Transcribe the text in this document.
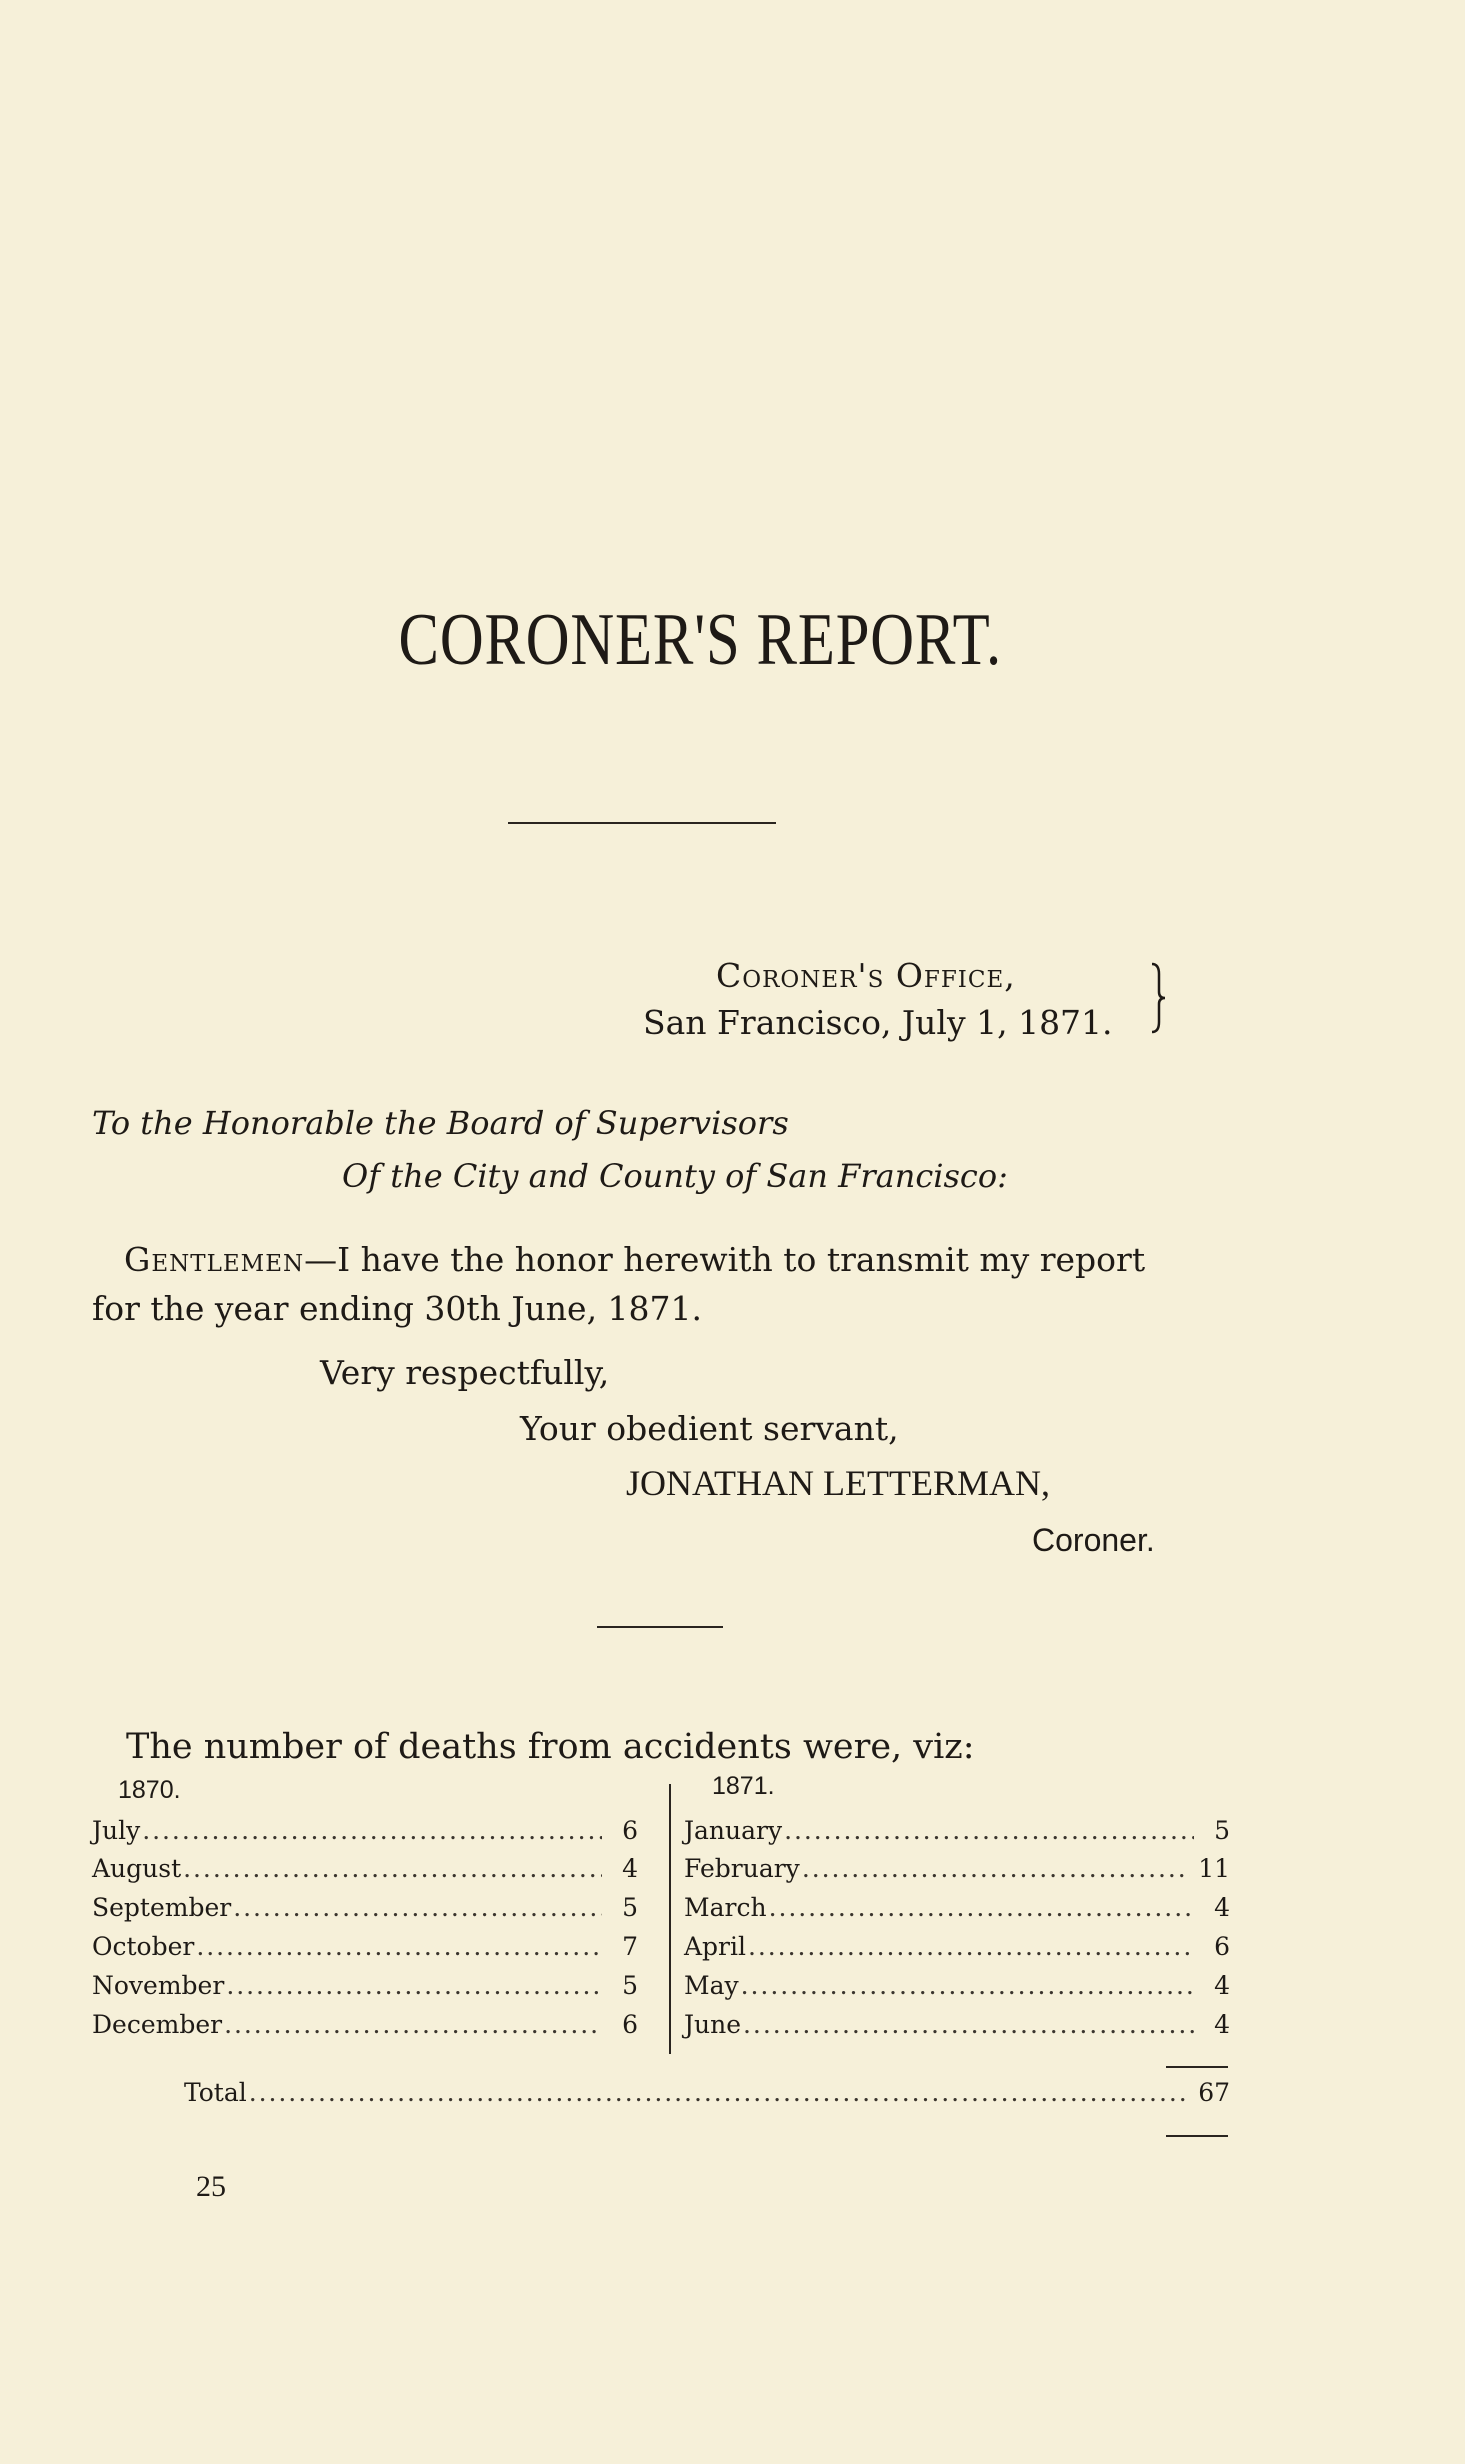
CORONER'S REPORT.
Coroner's Office,
San Francisco, July 1, 1871.
To the Honorable the Board of Supervisors
Of the City and County of San Francisco:
Gentlemen—I have the honor herewith to transmit my report
for the year ending 30th June, 1871.
Very respectfully,
Your obedient servant,
JONATHAN LETTERMAN,
Coroner.
The number of deaths from accidents were, viz:
1870.	1871.
July . . .	6
August . . .	4
September . . .	5
October . . .	7
November . . .	5
December . . .	6
January . . .	5
February . . .	11
March . . .	4
April . . .	6
May . . .	4
June . . .	4
Total . . .	67
25
